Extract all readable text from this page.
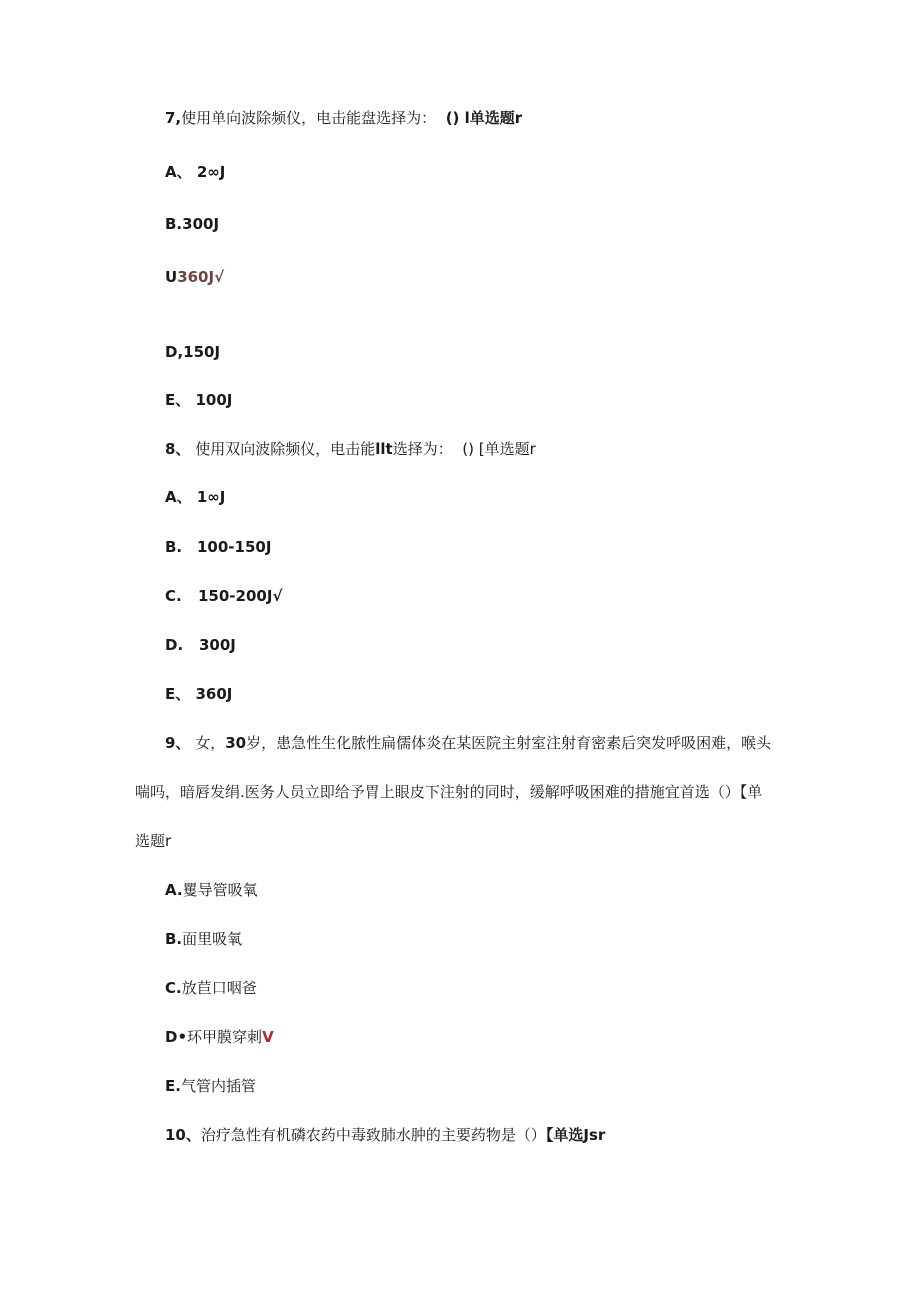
7,使用单向波除频仪，电击能盘选择为： () l单选题r
A、 2∞J
B.300J
U360J√
D,150J
E、 100J
8、 使用双向波除频仪，电击能llt选择为： () [单选题r
A、 1∞J
B. 100-150J
C. 150-200J√
D. 300J
E、 360J
9、 女，30岁，患急性生化脓性扁儒体炎在某医院主射室注射育密素后突发呼吸困难，喉头
喘吗，暗唇发绢.医务人员立即给予胃上眼皮下注射的同时，缓解呼吸困难的措施宜首选（）【单
选题r
A.矍导管吸氧
B.面里吸氧
C.放苣口咽爸
D•环甲膜穿刺V
E.气管内插管
10、治疗急性有机磷农药中毒致肺水肿的主要药物是（）【单选Jsr
